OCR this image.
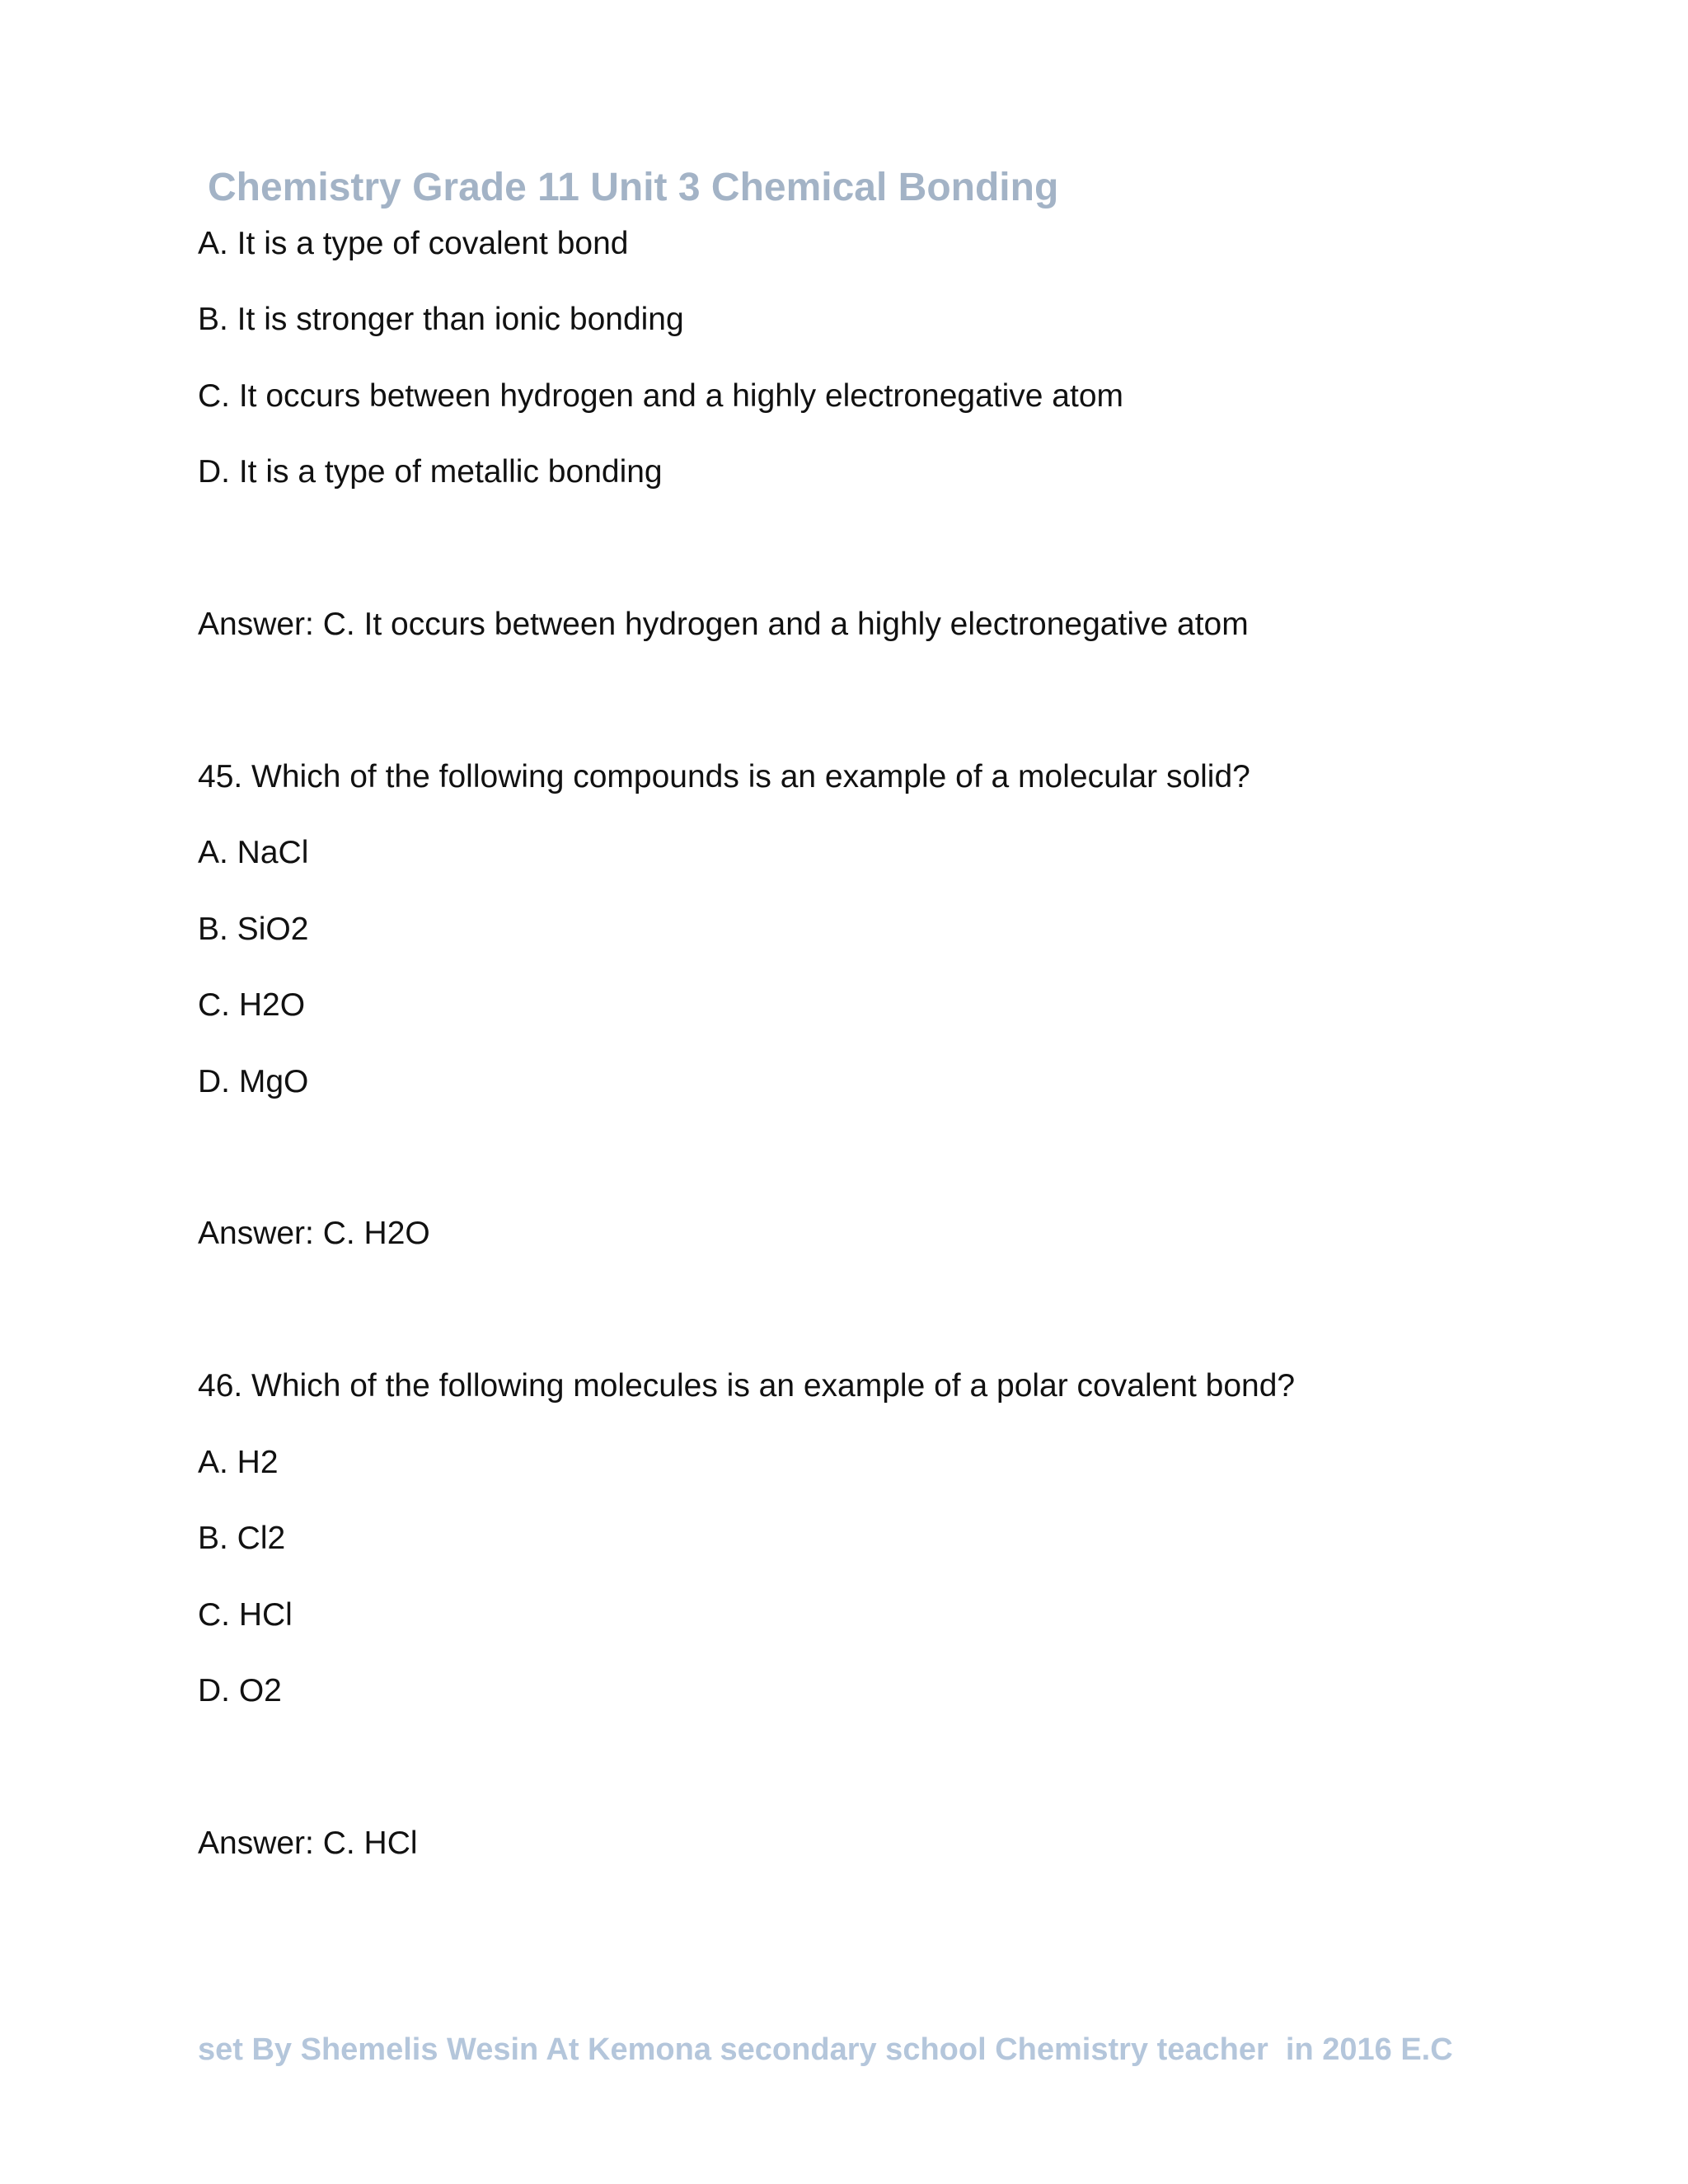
Chemistry Grade 11 Unit 3 Chemical Bonding

A. It is a type of covalent bond

B. It is stronger than ionic bonding

C. It occurs between hydrogen and a highly electronegative atom

D. It is a type of metallic bonding

Answer: C. It occurs between hydrogen and a highly electronegative atom

45. Which of the following compounds is an example of a molecular solid?

A. NaCl

B. SiO2

C. H2O

D. MgO

Answer: C. H2O

46. Which of the following molecules is an example of a polar covalent bond?

A. H2

B. Cl2

C. HCl

D. O2

Answer: C. HCl

set By Shemelis Wesin At Kemona secondary school Chemistry teacher  in 2016 E.C
